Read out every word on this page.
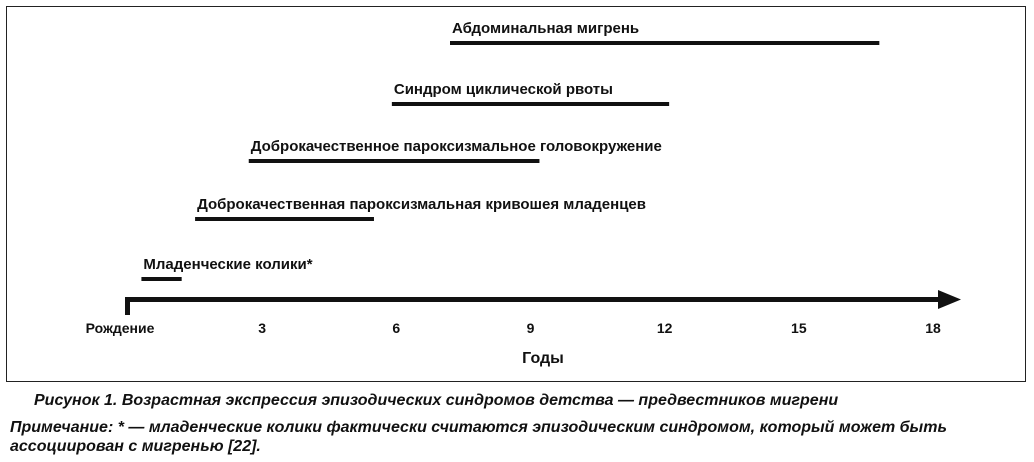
Абдоминальная мигрень
Синдром циклической рвоты
Доброкачественное пароксизмальное головокружение
Доброкачественная пароксизмальная кривошея младенцев
Младенческие колики*
Рождение	3	6	9	12	15	18
Годы
Рисунок 1. Возрастная экспрессия эпизодических синдромов детства — предвестников мигрени
Примечание: * — младенческие колики фактически считаются эпизодическим синдромом, который может быть ассоциирован с мигренью [22].
